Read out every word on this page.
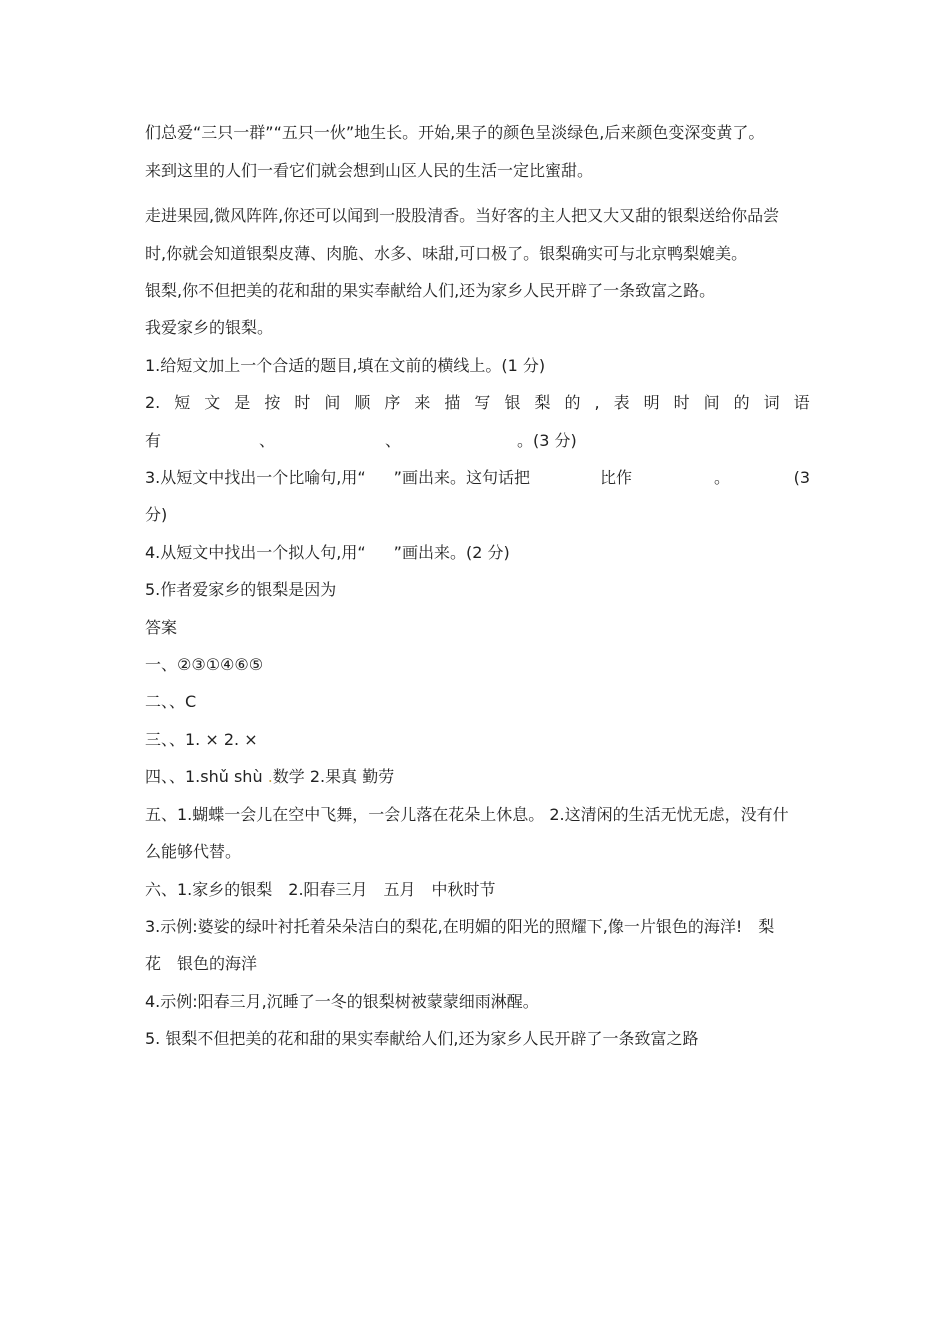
们总爱“三只一群”“五只一伙”地生长。开始,果子的颜色呈淡绿色,后来颜色变深变黄了。
来到这里的人们一看它们就会想到山区人民的生活一定比蜜甜。
走进果园,微风阵阵,你还可以闻到一股股清香。当好客的主人把又大又甜的银梨送给你品尝
时,你就会知道银梨皮薄、肉脆、水多、味甜,可口极了。银梨确实可与北京鸭梨媲美。
银梨,你不但把美的花和甜的果实奉献给人们,还为家乡人民开辟了一条致富之路。
我爱家乡的银梨。
1.给短文加上一个合适的题目,填在文前的横线上。(1 分)
2. 短 文 是 按 时 间 顺 序 来 描 写 银 梨 的 , 表 明 时 间 的 词 语
有	、	、	。(3 分)
3.从短文中找出一个比喻句,用“ ”画出来。这句话把	比作	。	(3
分)
4.从短文中找出一个拟人句,用“ ”画出来。(2 分)
5.作者爱家乡的银梨是因为
答案
一、②③①④⑥⑤
二、、C
三、、1. × 2. ×
四、、1.shǔ shù .数学 2.果真 勤劳
五、1.蝴蝶一会儿在空中飞舞，一会儿落在花朵上休息。 2.这清闲的生活无忧无虑，没有什
么能够代替。
六、1.家乡的银梨　2.阳春三月　五月　中秋时节
3.示例:婆娑的绿叶衬托着朵朵洁白的梨花,在明媚的阳光的照耀下,像一片银色的海洋!　梨
花　银色的海洋
4.示例:阳春三月,沉睡了一冬的银梨树被蒙蒙细雨淋醒。
5. 银梨不但把美的花和甜的果实奉献给人们,还为家乡人民开辟了一条致富之路
